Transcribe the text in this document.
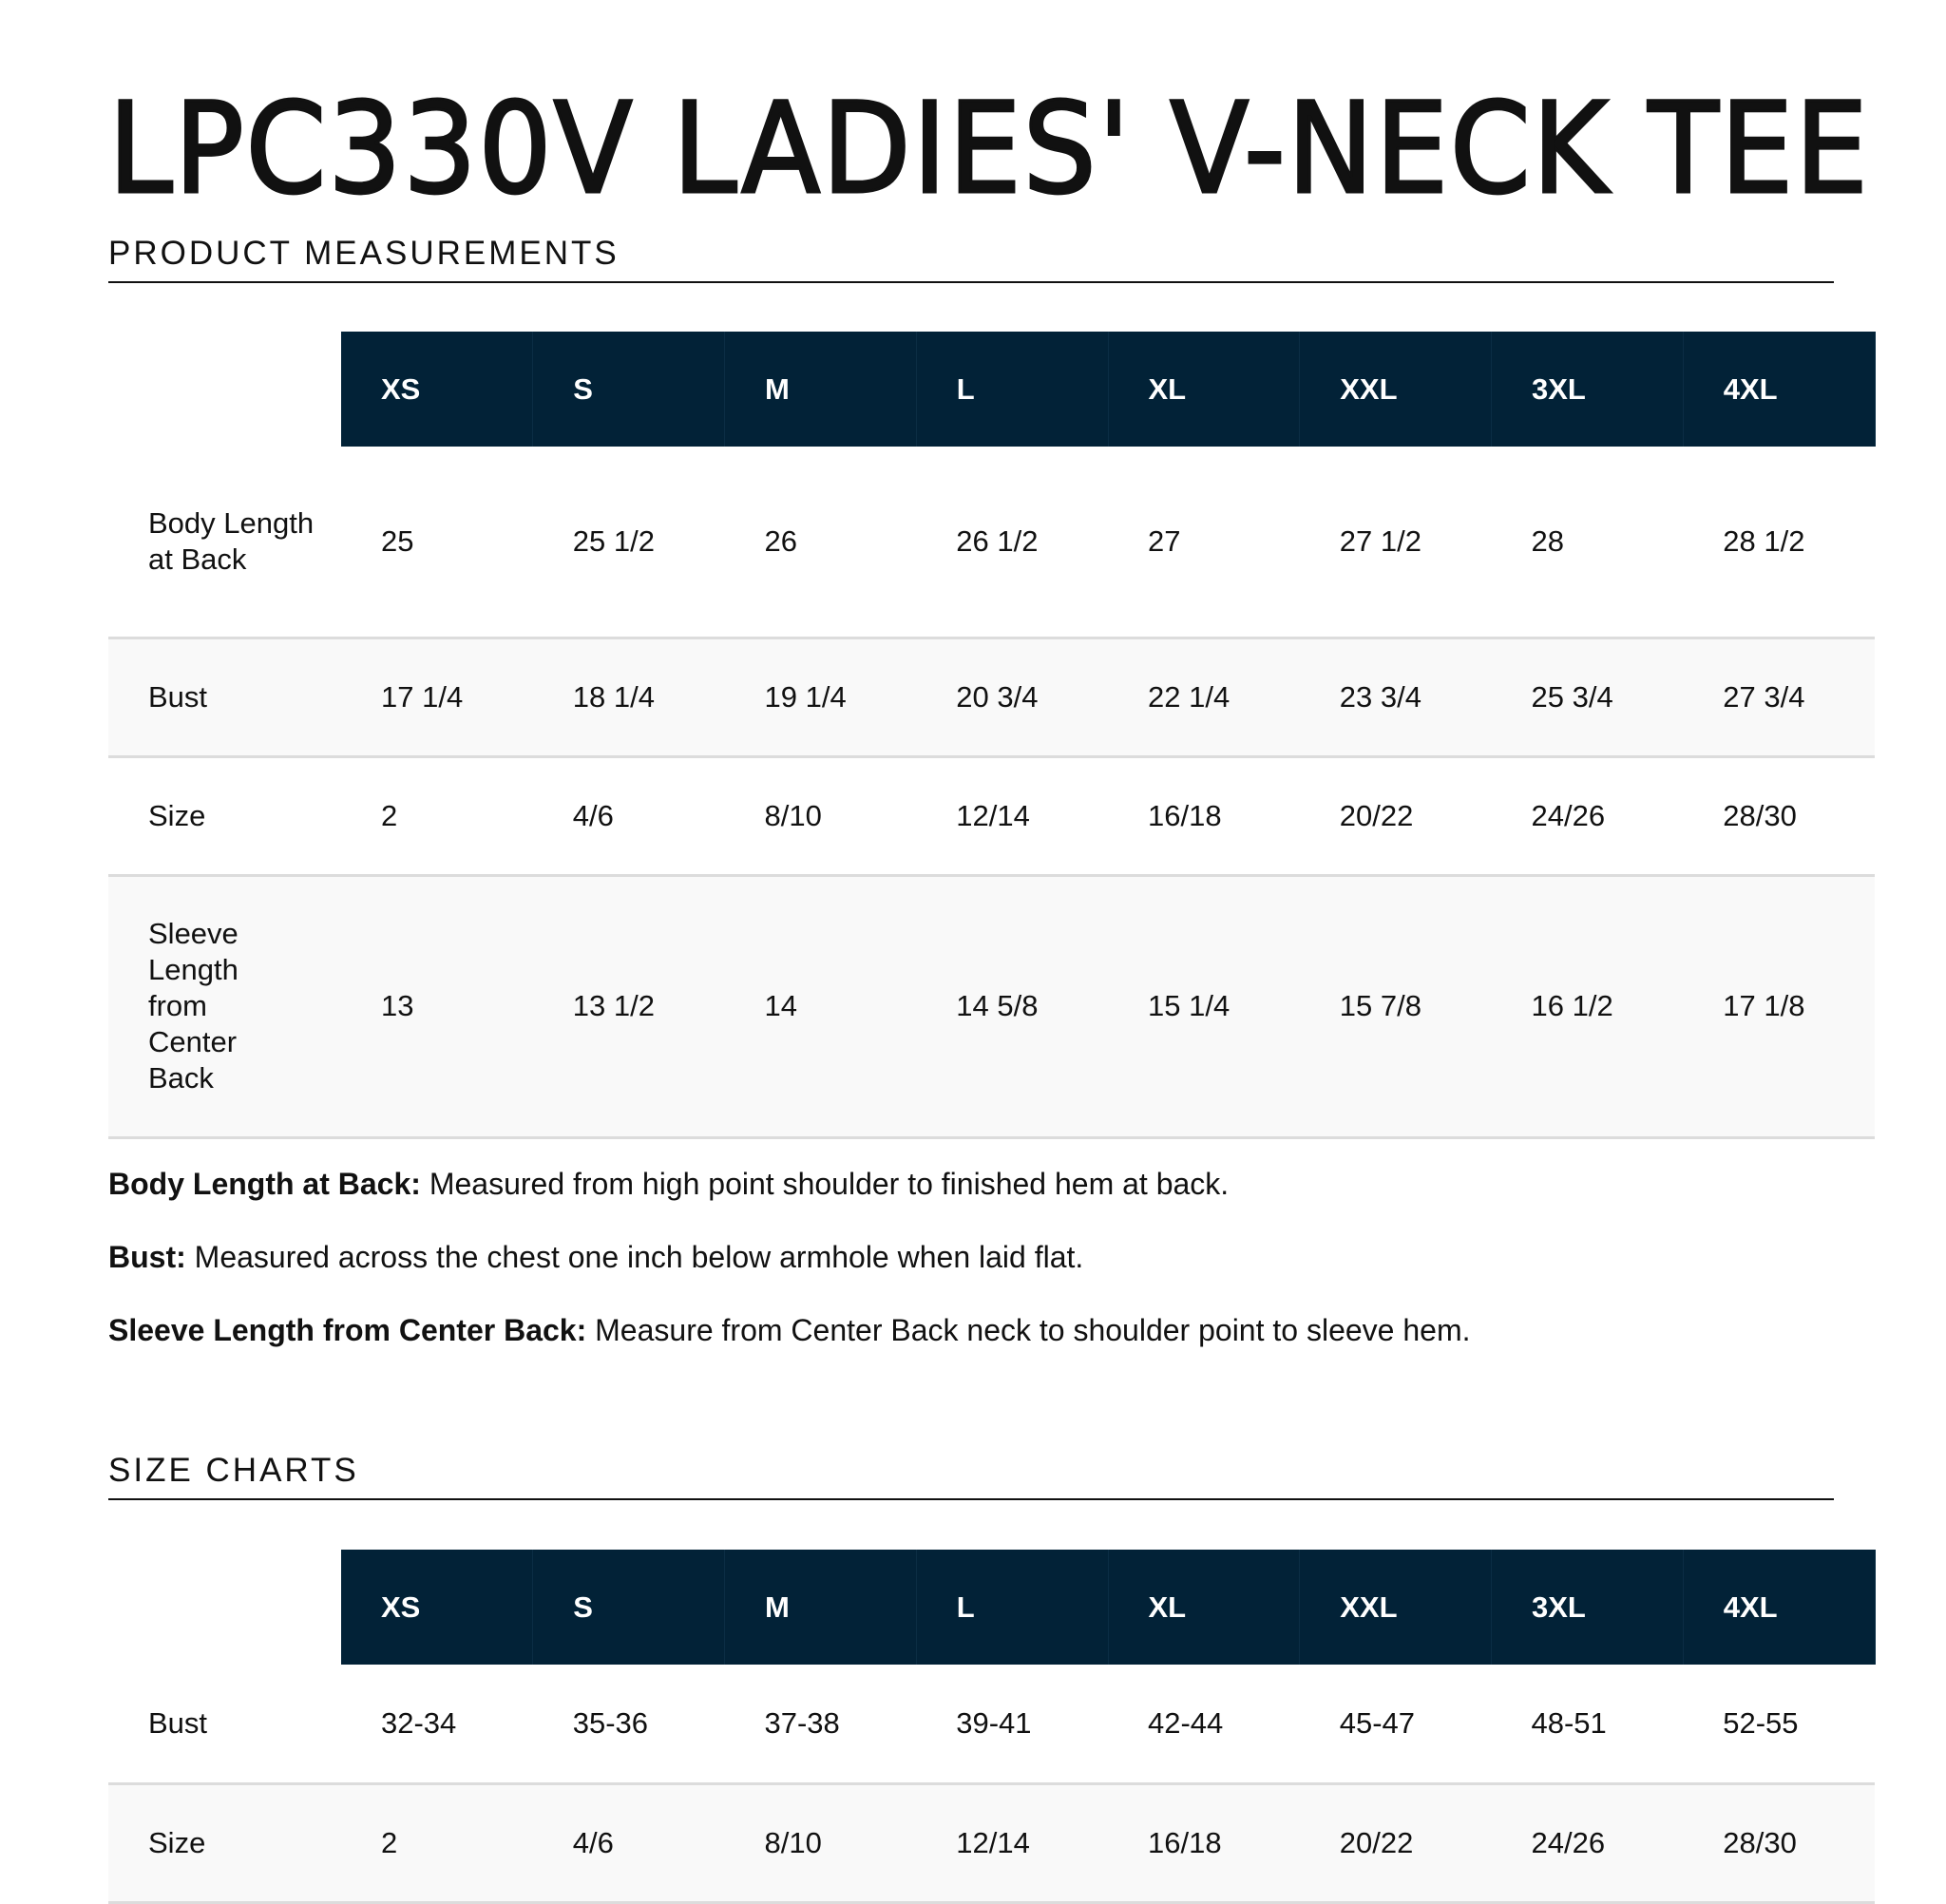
LPC330V LADIES' V-NECK TEE
PRODUCT MEASUREMENTS
	XS	S	M	L	XL	XXL	3XL	4XL
Body Length at Back	25	25 1/2	26	26 1/2	27	27 1/2	28	28 1/2
Bust	17 1/4	18 1/4	19 1/4	20 3/4	22 1/4	23 3/4	25 3/4	27 3/4
Size	2	4/6	8/10	12/14	16/18	20/22	24/26	28/30
Sleeve Length from Center Back	13	13 1/2	14	14 5/8	15 1/4	15 7/8	16 1/2	17 1/8
Body Length at Back: Measured from high point shoulder to finished hem at back.
Bust: Measured across the chest one inch below armhole when laid flat.
Sleeve Length from Center Back: Measure from Center Back neck to shoulder point to sleeve hem.
SIZE CHARTS
	XS	S	M	L	XL	XXL	3XL	4XL
Bust	32-34	35-36	37-38	39-41	42-44	45-47	48-51	52-55
Size	2	4/6	8/10	12/14	16/18	20/22	24/26	28/30
